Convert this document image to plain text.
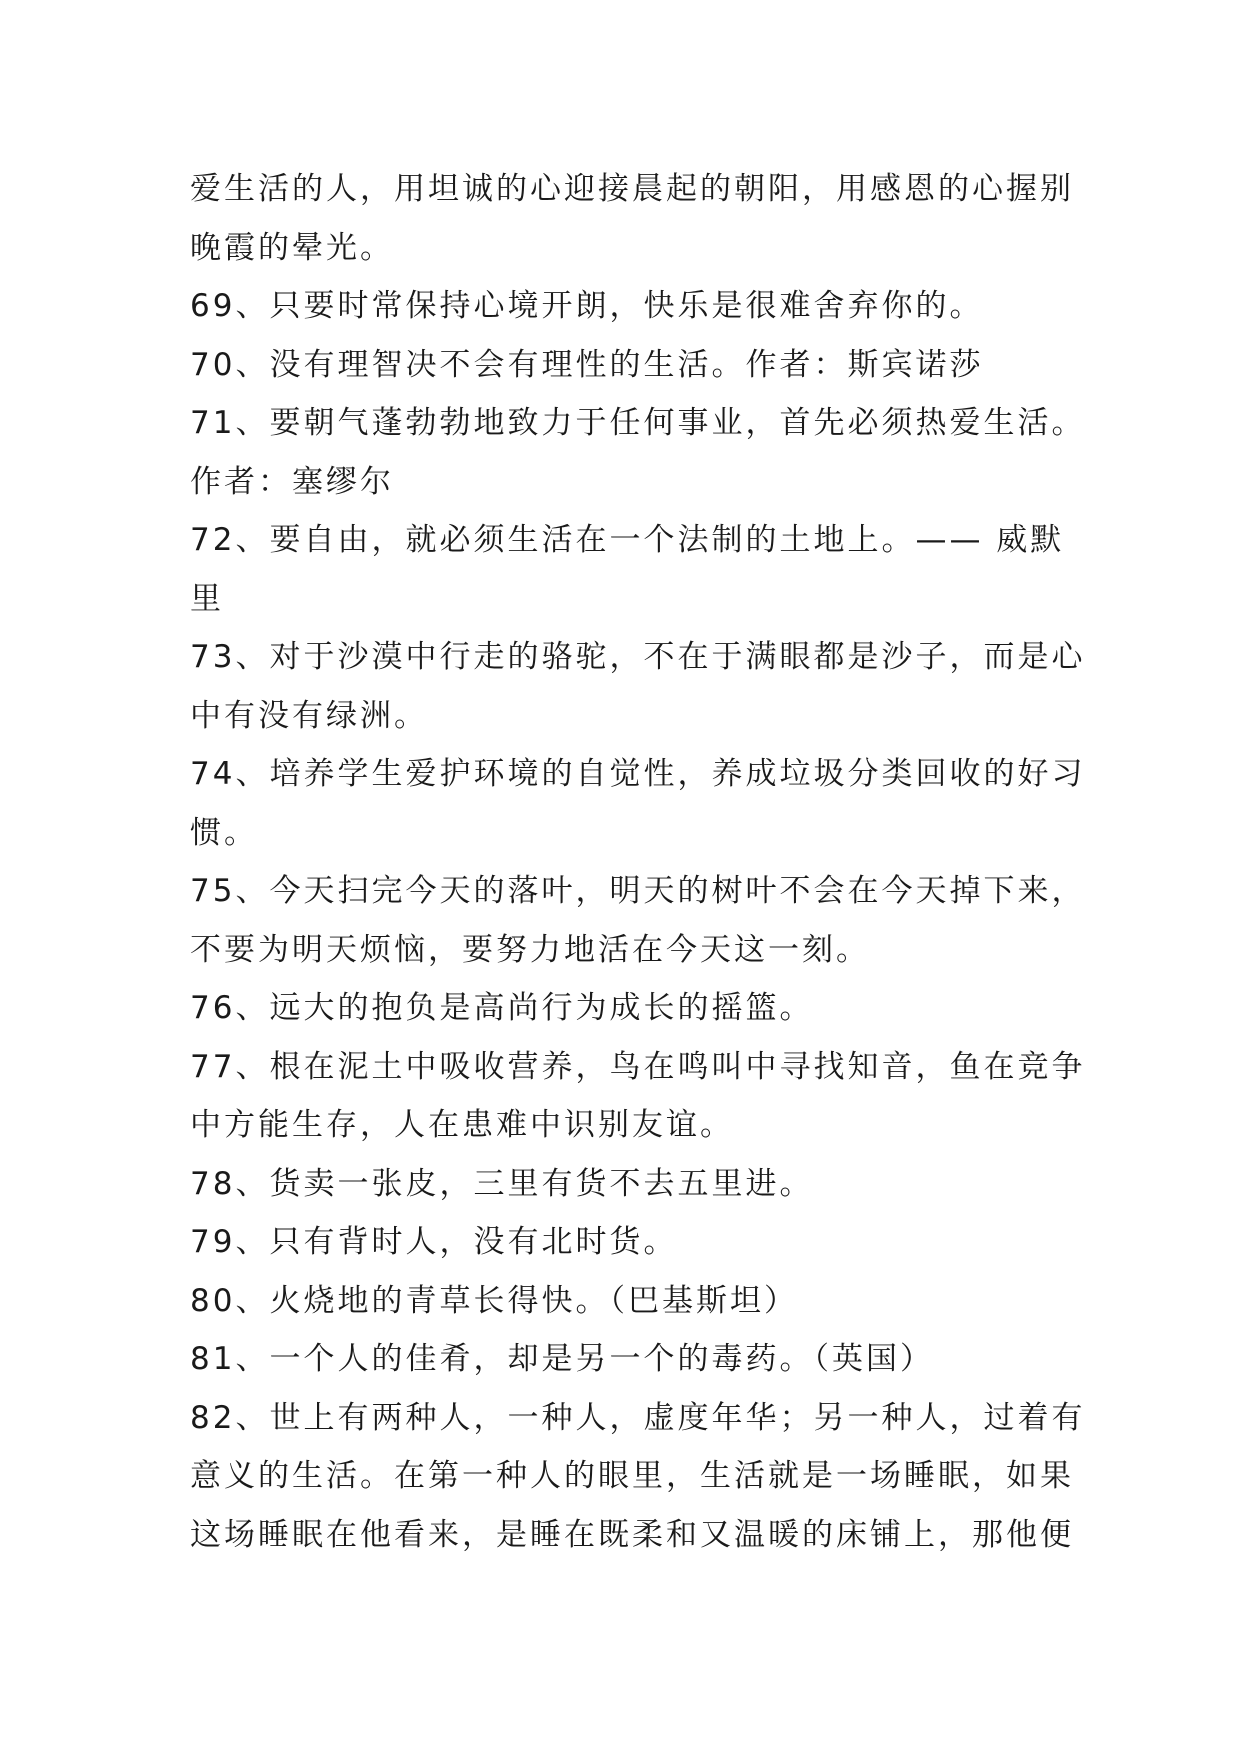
爱生活的人，用坦诚的心迎接晨起的朝阳，用感恩的心握别
晚霞的晕光。
69、只要时常保持心境开朗，快乐是很难舍弃你的。
70、没有理智决不会有理性的生活。作者：斯宾诺莎
71、要朝气蓬勃勃地致力于任何事业，首先必须热爱生活。
作者：塞缪尔
72、要自由，就必须生活在一个法制的土地上。—— 威默
里
73、对于沙漠中行走的骆驼，不在于满眼都是沙子，而是心
中有没有绿洲。
74、培养学生爱护环境的自觉性，养成垃圾分类回收的好习
惯。
75、今天扫完今天的落叶，明天的树叶不会在今天掉下来，
不要为明天烦恼，要努力地活在今天这一刻。
76、远大的抱负是高尚行为成长的摇篮。
77、根在泥土中吸收营养，鸟在鸣叫中寻找知音，鱼在竞争
中方能生存，人在患难中识别友谊。
78、货卖一张皮，三里有货不去五里进。
79、只有背时人，没有北时货。
80、火烧地的青草长得快。（巴基斯坦）
81、一个人的佳肴，却是另一个的毒药。（英国）
82、世上有两种人，一种人，虚度年华；另一种人，过着有
意义的生活。在第一种人的眼里，生活就是一场睡眠，如果
这场睡眠在他看来，是睡在既柔和又温暖的床铺上，那他便
